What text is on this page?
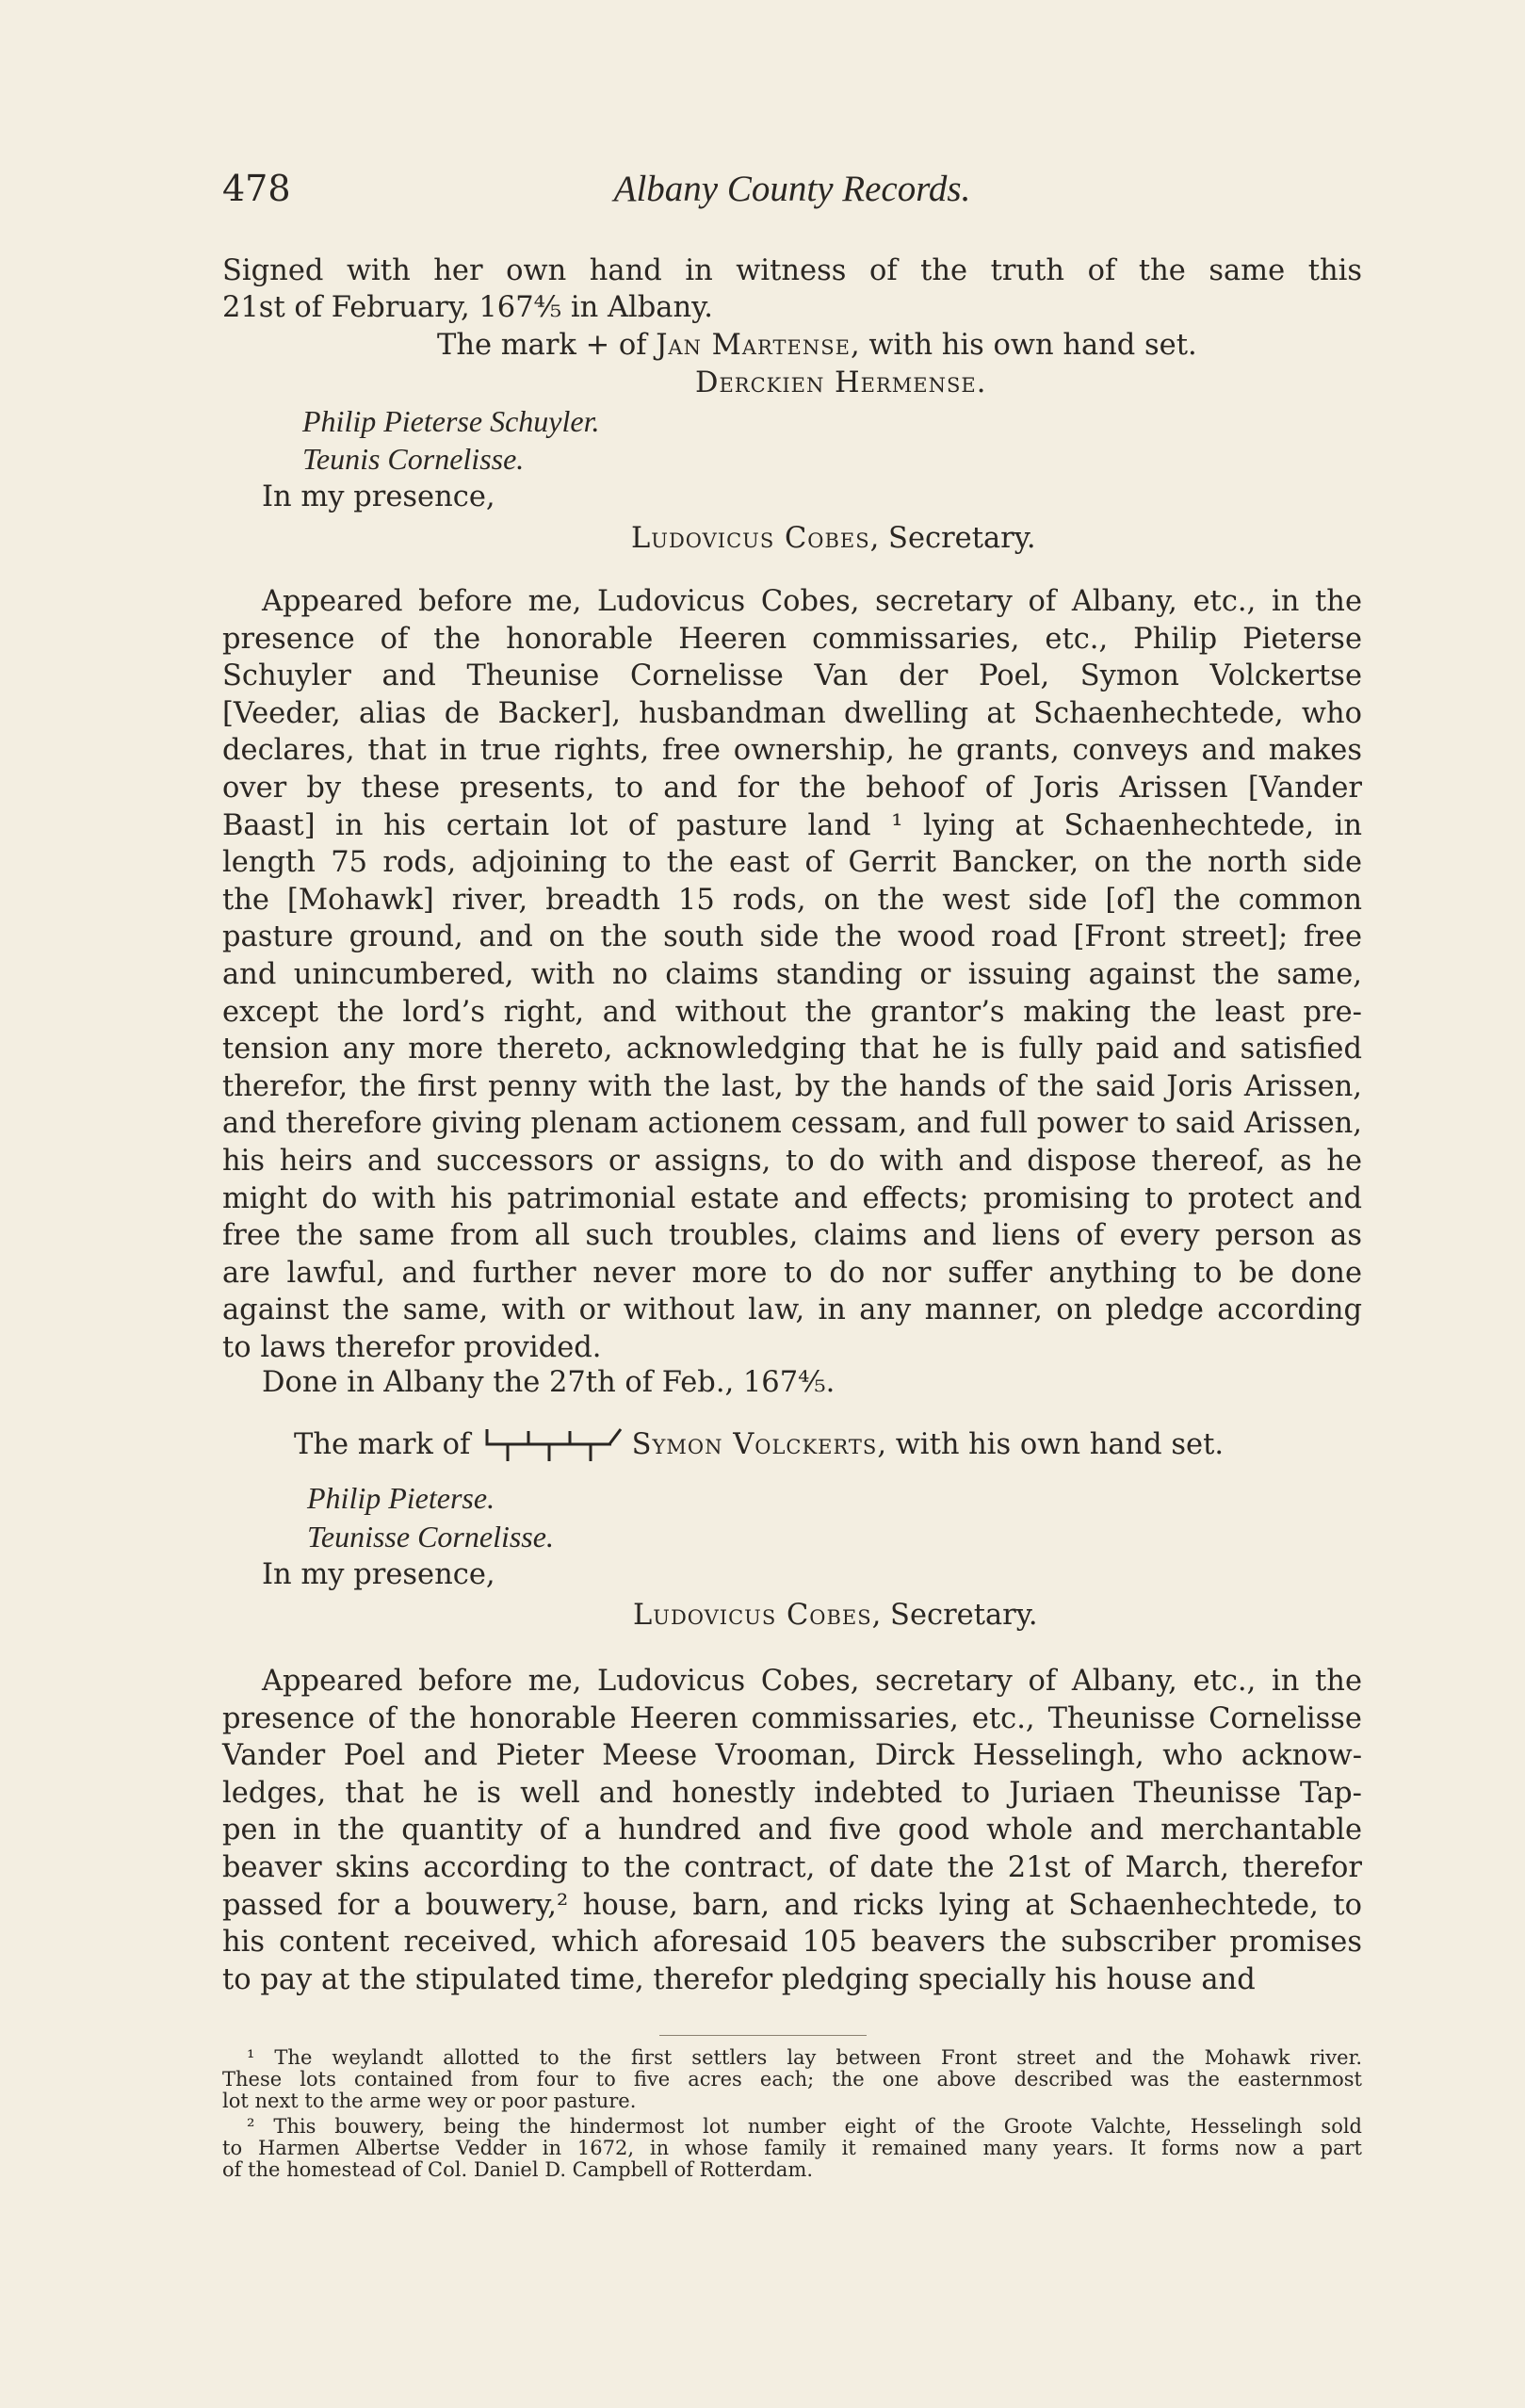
478	Albany County Records.
Signed with her own hand in witness of the truth of the same this
21st of February, 167⅘ in Albany.
The mark + of Jan Martense, with his own hand set.
Derckien Hermense.
Philip Pieterse Schuyler.
Teunis Cornelisse.
In my presence,
Ludovicus Cobes, Secretary.
Appeared before me, Ludovicus Cobes, secretary of Albany, etc., in the
presence of the honorable Heeren commissaries, etc., Philip Pieterse
Schuyler and Theunise Cornelisse Van der Poel, Symon Volckertse
[Veeder, alias de Backer], husbandman dwelling at Schaenhechtede, who
declares, that in true rights, free ownership, he grants, conveys and makes
over by these presents, to and for the behoof of Joris Arissen [Vander
Baast] in his certain lot of pasture land ¹ lying at Schaenhechtede, in
length 75 rods, adjoining to the east of Gerrit Bancker, on the north side
the [Mohawk] river, breadth 15 rods, on the west side [of] the common
pasture ground, and on the south side the wood road [Front street]; free
and unincumbered, with no claims standing or issuing against the same,
except the lord’s right, and without the grantor’s making the least pre-
tension any more thereto, acknowledging that he is fully paid and satisfied
therefor, the first penny with the last, by the hands of the said Joris Arissen,
and therefore giving plenam actionem cessam, and full power to said Arissen,
his heirs and successors or assigns, to do with and dispose thereof, as he
might do with his patrimonial estate and effects; promising to protect and
free the same from all such troubles, claims and liens of every person as
are lawful, and further never more to do nor suffer anything to be done
against the same, with or without law, in any manner, on pledge according
to laws therefor provided.
Done in Albany the 27th of Feb., 167⅘.
The mark of	Symon Volckerts, with his own hand set.
Philip Pieterse.
Teunisse Cornelisse.
In my presence,
Ludovicus Cobes, Secretary.
Appeared before me, Ludovicus Cobes, secretary of Albany, etc., in the
presence of the honorable Heeren commissaries, etc., Theunisse Cornelisse
Vander Poel and Pieter Meese Vrooman, Dirck Hesselingh, who acknow-
ledges, that he is well and honestly indebted to Juriaen Theunisse Tap-
pen in the quantity of a hundred and five good whole and merchantable
beaver skins according to the contract, of date the 21st of March, therefor
passed for a bouwery,² house, barn, and ricks lying at Schaenhechtede, to
his content received, which aforesaid 105 beavers the subscriber promises
to pay at the stipulated time, therefor pledging specially his house and
¹ The weylandt allotted to the first settlers lay between Front street and the Mohawk river.
These lots contained from four to five acres each; the one above described was the easternmost
lot next to the arme wey or poor pasture.
² This bouwery, being the hindermost lot number eight of the Groote Valchte, Hesselingh sold
to Harmen Albertse Vedder in 1672, in whose family it remained many years. It forms now a part
of the homestead of Col. Daniel D. Campbell of Rotterdam.
